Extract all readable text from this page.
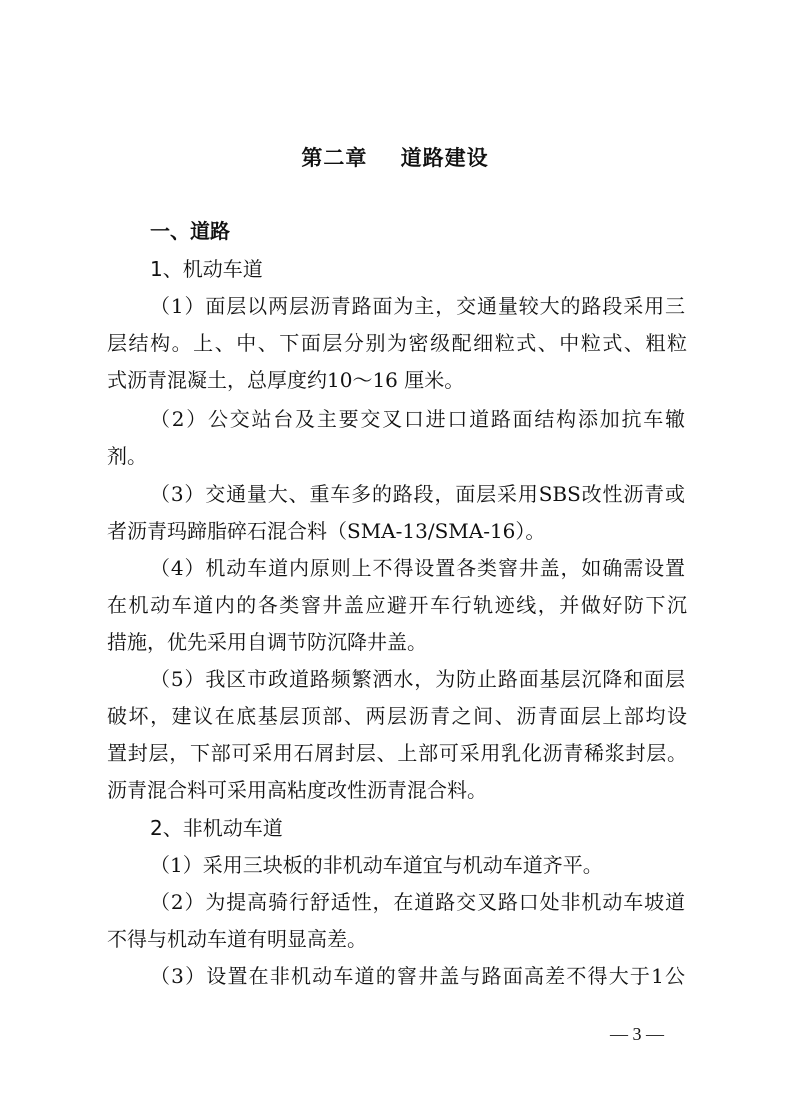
第二章    道路建设
一、道路
1、机动车道
（1）面层以两层沥青路面为主，交通量较大的路段采用三
层结构。上、中、下面层分别为密级配细粒式、中粒式、粗粒
式沥青混凝土，总厚度约10～16 厘米。
（2）公交站台及主要交叉口进口道路面结构添加抗车辙
剂。
（3）交通量大、重车多的路段，面层采用SBS改性沥青或
者沥青玛蹄脂碎石混合料（SMA-13/SMA-16）。
（4）机动车道内原则上不得设置各类窨井盖，如确需设置
在机动车道内的各类窨井盖应避开车行轨迹线，并做好防下沉
措施，优先采用自调节防沉降井盖。
（5）我区市政道路频繁洒水，为防止路面基层沉降和面层
破坏，建议在底基层顶部、两层沥青之间、沥青面层上部均设
置封层，下部可采用石屑封层、上部可采用乳化沥青稀浆封层。
沥青混合料可采用高粘度改性沥青混合料。
2、非机动车道
（1）采用三块板的非机动车道宜与机动车道齐平。
（2）为提高骑行舒适性，在道路交叉路口处非机动车坡道
不得与机动车道有明显高差。
（3）设置在非机动车道的窨井盖与路面高差不得大于1公
— 3 —
